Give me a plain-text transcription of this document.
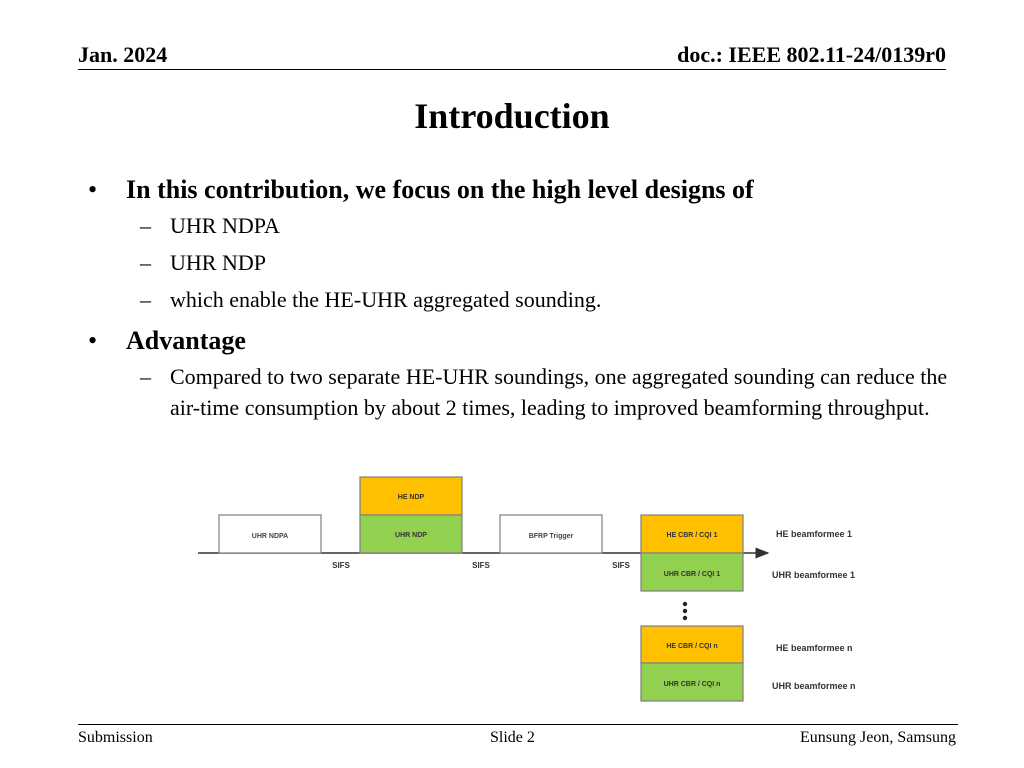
Jan. 2024	doc.: IEEE 802.11-24/0139r0
Introduction
• In this contribution, we focus on the high level designs of
– UHR NDPA
– UHR NDP
– which enable the HE-UHR aggregated sounding.
• Advantage
– Compared to two separate HE-UHR soundings, one aggregated sounding can reduce the air-time consumption by about 2 times, leading to improved beamforming throughput.
UHR NDPA
HE NDP
UHR NDP	BFRP Trigger	HE CBR / CQI 1
UHR CBR / CQI 1
HE CBR / CQI n
UHR CBR / CQI n
SIFS	SIFS	SIFS
HE beamformee 1
UHR beamformee 1
HE beamformee n
UHR beamformee n
Submission	Slide 2	Eunsung Jeon, Samsung
